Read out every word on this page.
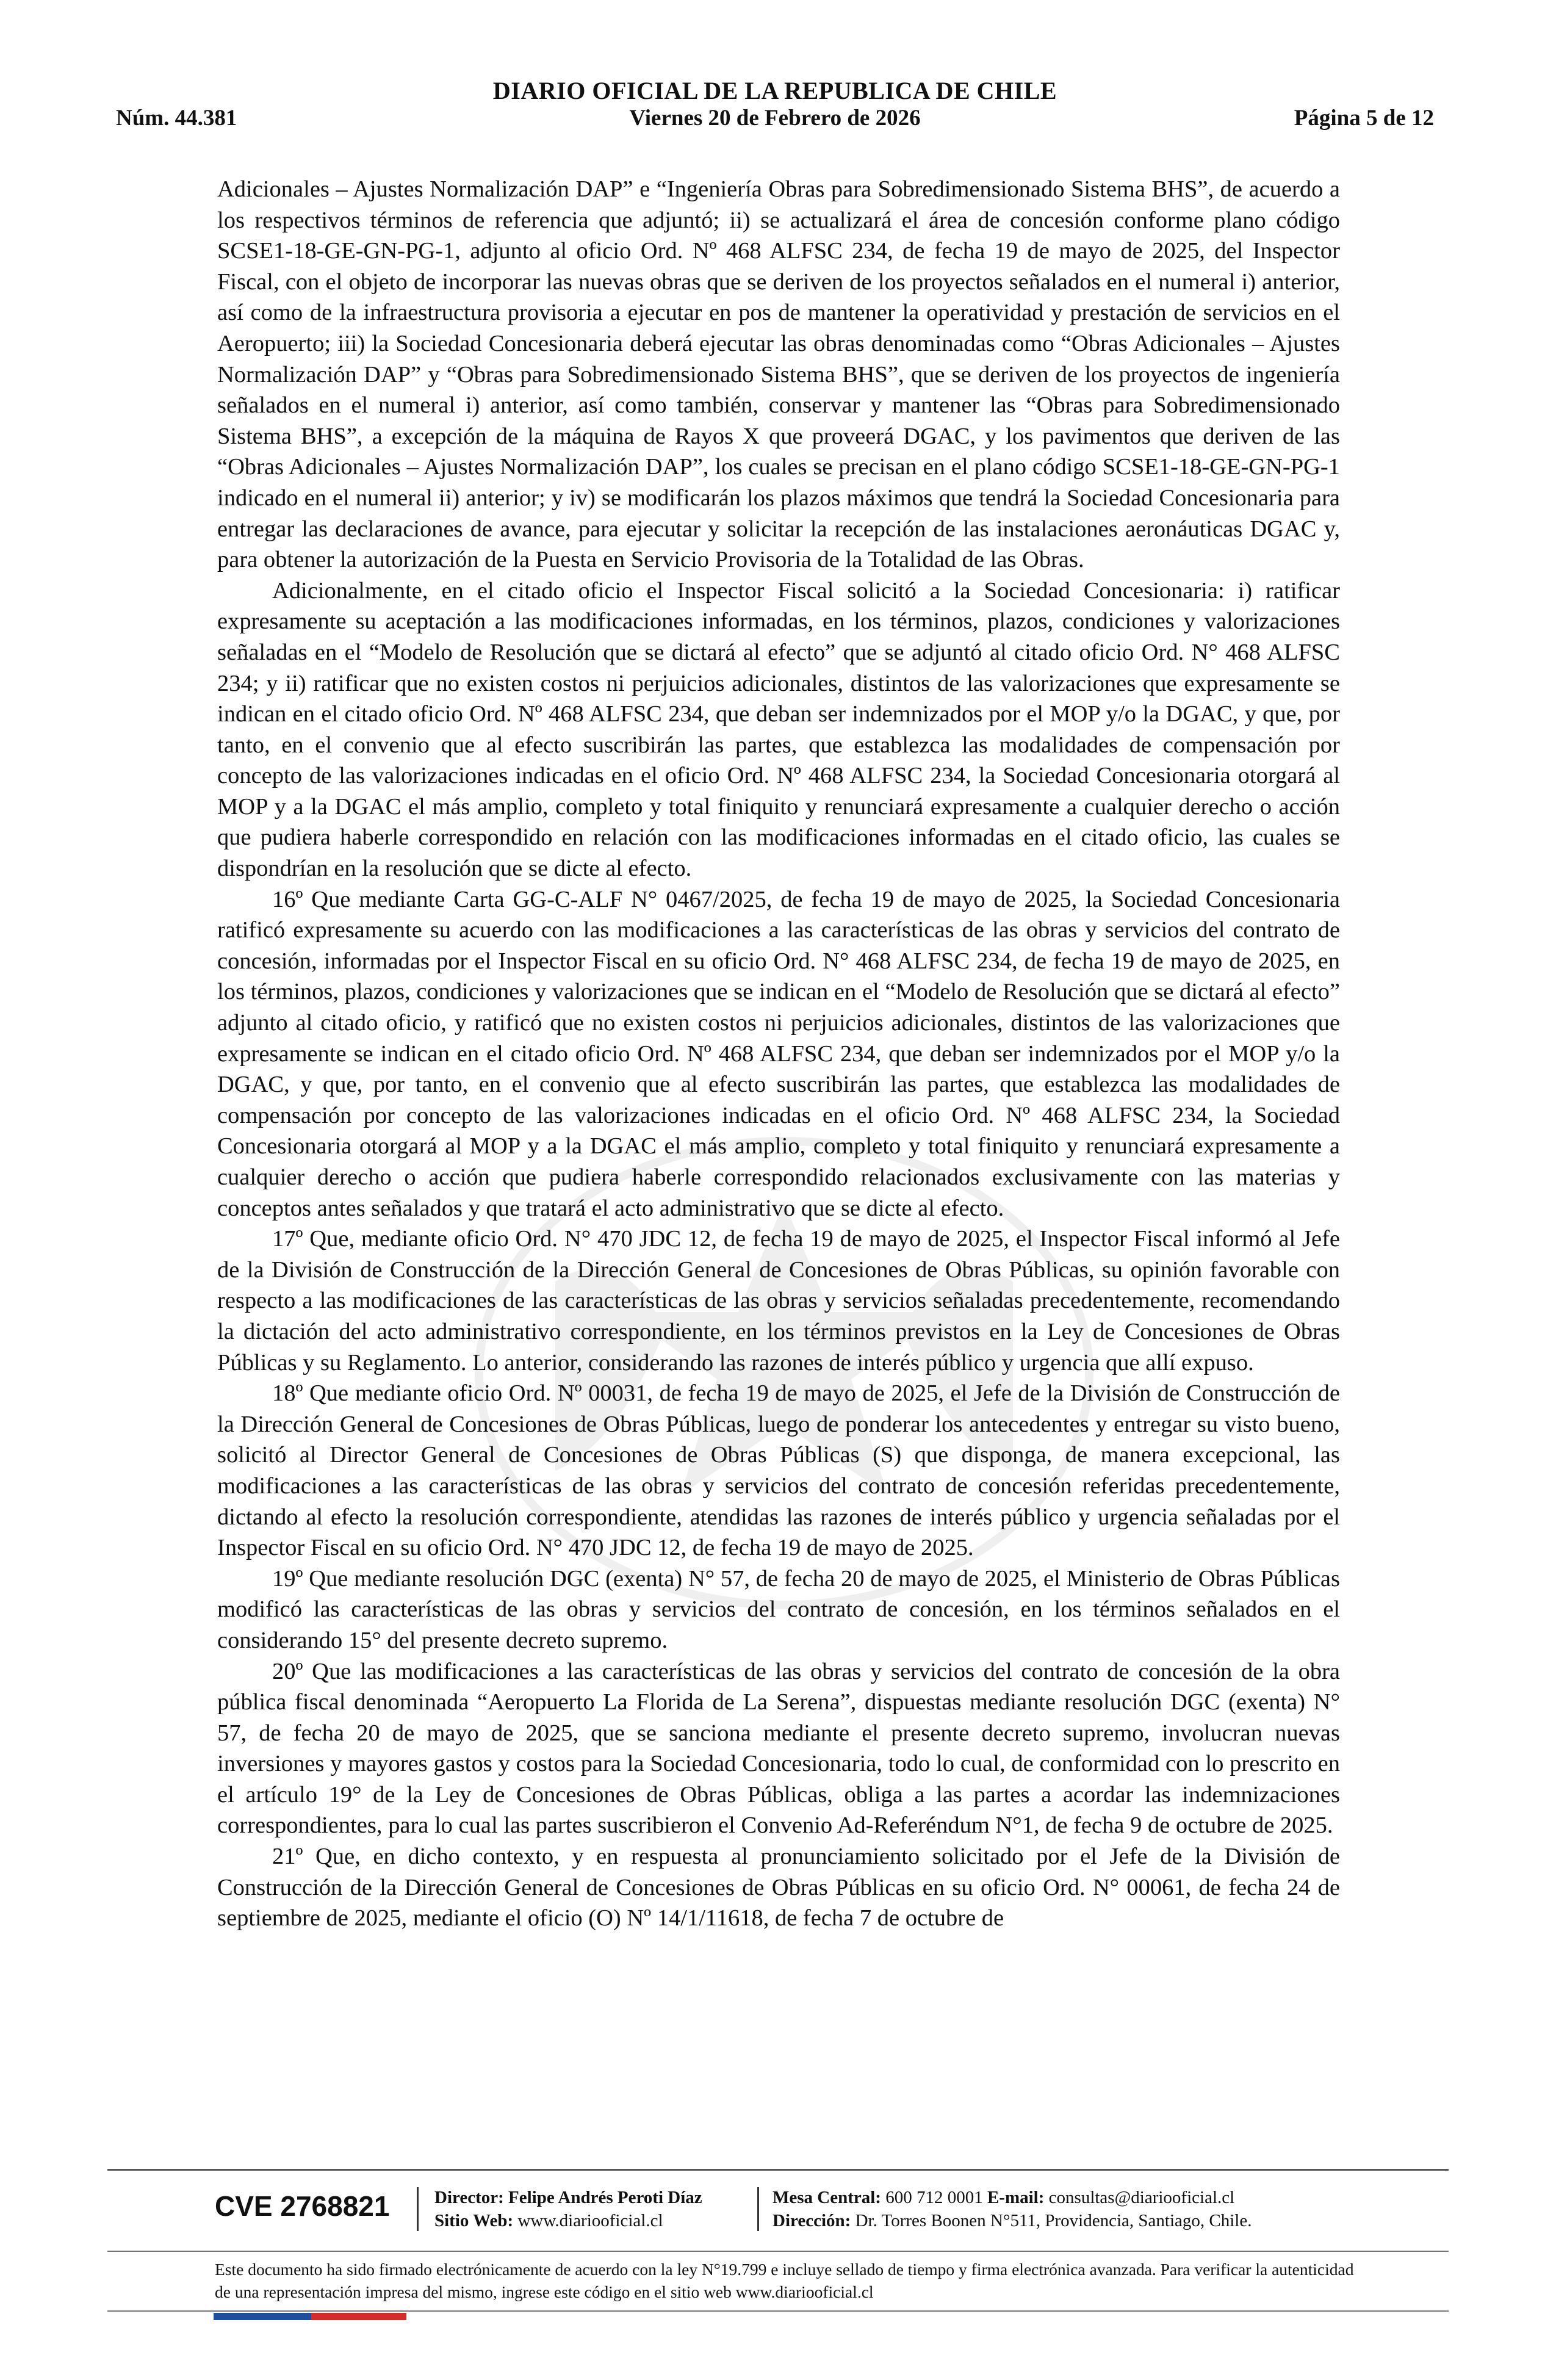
Núm. 44.381
DIARIO OFICIAL DE LA REPUBLICA DE CHILE
Viernes 20 de Febrero de 2026	Página 5 de 12

Adicionales – Ajustes Normalización DAP” e “Ingeniería Obras para Sobredimensionado Sistema BHS”, de acuerdo a los respectivos términos de referencia que adjuntó; ii) se actualizará el área de concesión conforme plano código SCSE1-18-GE-GN-PG-1, adjunto al oficio Ord. Nº 468 ALFSC 234, de fecha 19 de mayo de 2025, del Inspector Fiscal, con el objeto de incorporar las nuevas obras que se deriven de los proyectos señalados en el numeral i) anterior, así como de la infraestructura provisoria a ejecutar en pos de mantener la operatividad y prestación de servicios en el Aeropuerto; iii) la Sociedad Concesionaria deberá ejecutar las obras denominadas como “Obras Adicionales – Ajustes Normalización DAP” y “Obras para Sobredimensionado Sistema BHS”, que se deriven de los proyectos de ingeniería señalados en el numeral i) anterior, así como también, conservar y mantener las “Obras para Sobredimensionado Sistema BHS”, a excepción de la máquina de Rayos X que proveerá DGAC, y los pavimentos que deriven de las “Obras Adicionales – Ajustes Normalización DAP”, los cuales se precisan en el plano código SCSE1-18-GE-GN-PG-1 indicado en el numeral ii) anterior; y iv) se modificarán los plazos máximos que tendrá la Sociedad Concesionaria para entregar las declaraciones de avance, para ejecutar y solicitar la recepción de las instalaciones aeronáuticas DGAC y, para obtener la autorización de la Puesta en Servicio Provisoria de la Totalidad de las Obras.

Adicionalmente, en el citado oficio el Inspector Fiscal solicitó a la Sociedad Concesionaria: i) ratificar expresamente su aceptación a las modificaciones informadas, en los términos, plazos, condiciones y valorizaciones señaladas en el “Modelo de Resolución que se dictará al efecto” que se adjuntó al citado oficio Ord. N° 468 ALFSC 234; y ii) ratificar que no existen costos ni perjuicios adicionales, distintos de las valorizaciones que expresamente se indican en el citado oficio Ord. Nº 468 ALFSC 234, que deban ser indemnizados por el MOP y/o la DGAC, y que, por tanto, en el convenio que al efecto suscribirán las partes, que establezca las modalidades de compensación por concepto de las valorizaciones indicadas en el oficio Ord. Nº 468 ALFSC 234, la Sociedad Concesionaria otorgará al MOP y a la DGAC el más amplio, completo y total finiquito y renunciará expresamente a cualquier derecho o acción que pudiera haberle correspondido en relación con las modificaciones informadas en el citado oficio, las cuales se dispondrían en la resolución que se dicte al efecto.

16º Que mediante Carta GG-C-ALF N° 0467/2025, de fecha 19 de mayo de 2025, la Sociedad Concesionaria ratificó expresamente su acuerdo con las modificaciones a las características de las obras y servicios del contrato de concesión, informadas por el Inspector Fiscal en su oficio Ord. N° 468 ALFSC 234, de fecha 19 de mayo de 2025, en los términos, plazos, condiciones y valorizaciones que se indican en el “Modelo de Resolución que se dictará al efecto” adjunto al citado oficio, y ratificó que no existen costos ni perjuicios adicionales, distintos de las valorizaciones que expresamente se indican en el citado oficio Ord. Nº 468 ALFSC 234, que deban ser indemnizados por el MOP y/o la DGAC, y que, por tanto, en el convenio que al efecto suscribirán las partes, que establezca las modalidades de compensación por concepto de las valorizaciones indicadas en el oficio Ord. Nº 468 ALFSC 234, la Sociedad Concesionaria otorgará al MOP y a la DGAC el más amplio, completo y total finiquito y renunciará expresamente a cualquier derecho o acción que pudiera haberle correspondido relacionados exclusivamente con las materias y conceptos antes señalados y que tratará el acto administrativo que se dicte al efecto.

17º Que, mediante oficio Ord. N° 470 JDC 12, de fecha 19 de mayo de 2025, el Inspector Fiscal informó al Jefe de la División de Construcción de la Dirección General de Concesiones de Obras Públicas, su opinión favorable con respecto a las modificaciones de las características de las obras y servicios señaladas precedentemente, recomendando la dictación del acto administrativo correspondiente, en los términos previstos en la Ley de Concesiones de Obras Públicas y su Reglamento. Lo anterior, considerando las razones de interés público y urgencia que allí expuso.

18º Que mediante oficio Ord. Nº 00031, de fecha 19 de mayo de 2025, el Jefe de la División de Construcción de la Dirección General de Concesiones de Obras Públicas, luego de ponderar los antecedentes y entregar su visto bueno, solicitó al Director General de Concesiones de Obras Públicas (S) que disponga, de manera excepcional, las modificaciones a las características de las obras y servicios del contrato de concesión referidas precedentemente, dictando al efecto la resolución correspondiente, atendidas las razones de interés público y urgencia señaladas por el Inspector Fiscal en su oficio Ord. N° 470 JDC 12, de fecha 19 de mayo de 2025.

19º Que mediante resolución DGC (exenta) N° 57, de fecha 20 de mayo de 2025, el Ministerio de Obras Públicas modificó las características de las obras y servicios del contrato de concesión, en los términos señalados en el considerando 15° del presente decreto supremo.

20º Que las modificaciones a las características de las obras y servicios del contrato de concesión de la obra pública fiscal denominada “Aeropuerto La Florida de La Serena”, dispuestas mediante resolución DGC (exenta) N° 57, de fecha 20 de mayo de 2025, que se sanciona mediante el presente decreto supremo, involucran nuevas inversiones y mayores gastos y costos para la Sociedad Concesionaria, todo lo cual, de conformidad con lo prescrito en el artículo 19° de la Ley de Concesiones de Obras Públicas, obliga a las partes a acordar las indemnizaciones correspondientes, para lo cual las partes suscribieron el Convenio Ad-Referéndum N°1, de fecha 9 de octubre de 2025.

21º Que, en dicho contexto, y en respuesta al pronunciamiento solicitado por el Jefe de la División de Construcción de la Dirección General de Concesiones de Obras Públicas en su oficio Ord. N° 00061, de fecha 24 de septiembre de 2025, mediante el oficio (O) Nº 14/1/11618, de fecha 7 de octubre de

CVE 2768821	Director: Felipe Andrés Peroti Díaz
Sitio Web: www.diariooficial.cl
Mesa Central: 600 712 0001 E-mail: consultas@diariooficial.cl
Dirección: Dr. Torres Boonen N°511, Providencia, Santiago, Chile.
Este documento ha sido firmado electrónicamente de acuerdo con la ley N°19.799 e incluye sellado de tiempo y firma electrónica avanzada. Para verificar la autenticidad de una representación impresa del mismo, ingrese este código en el sitio web www.diariooficial.cl
